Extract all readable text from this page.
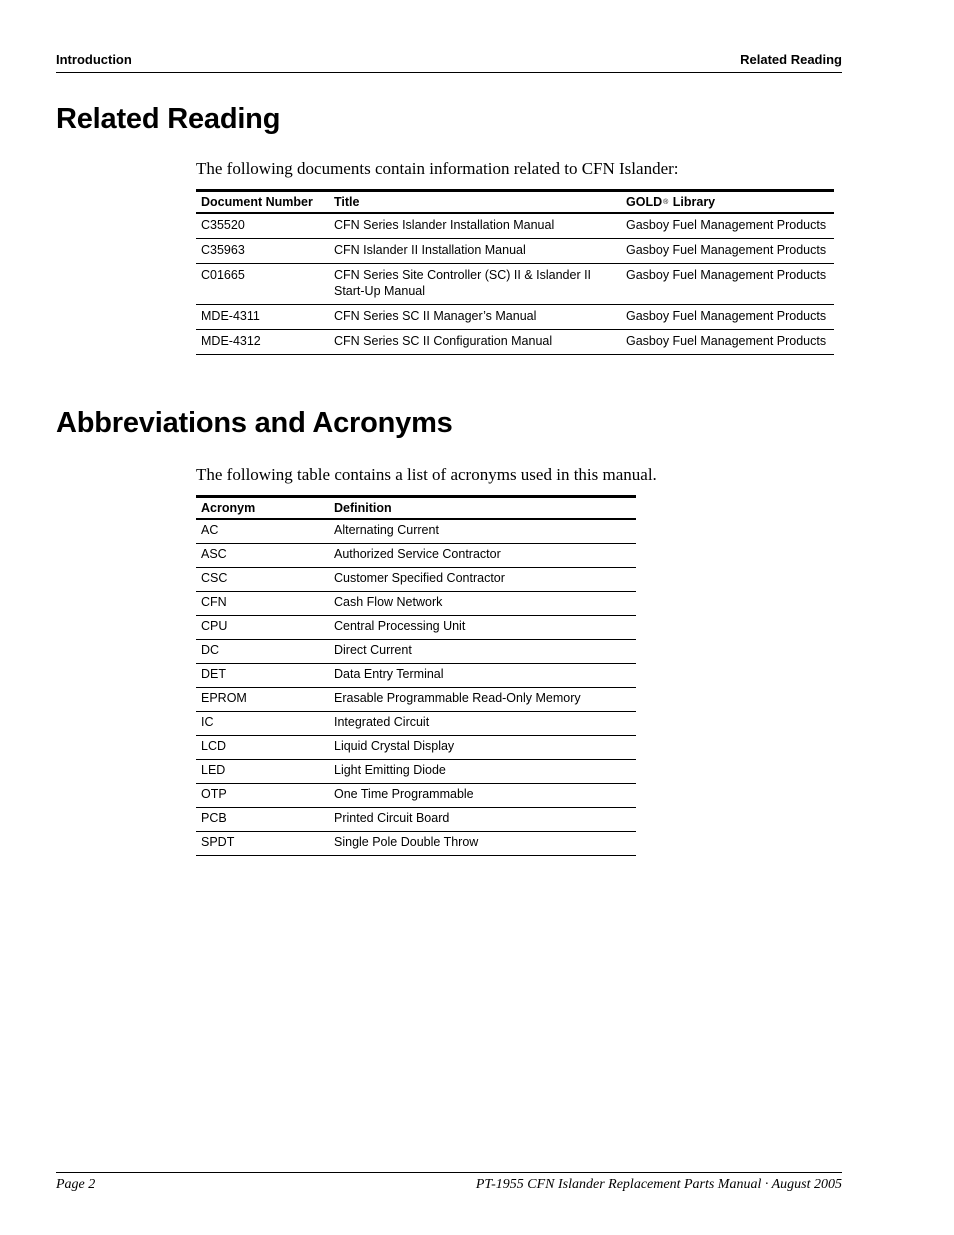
Introduction	Related Reading
Related Reading

The following documents contain information related to CFN Islander:

Document Number	Title	GOLD® Library
C35520	CFN Series Islander Installation Manual	Gasboy Fuel Management Products
C35963	CFN Islander II Installation Manual	Gasboy Fuel Management Products
C01665	CFN Series Site Controller (SC) II & Islander II Start-Up Manual	Gasboy Fuel Management Products
MDE-4311	CFN Series SC II Manager’s Manual	Gasboy Fuel Management Products
MDE-4312	CFN Series SC II Configuration Manual	Gasboy Fuel Management Products
Abbreviations and Acronyms

The following table contains a list of acronyms used in this manual.

Acronym	Definition
AC	Alternating Current
ASC	Authorized Service Contractor
CSC	Customer Specified Contractor
CFN	Cash Flow Network
CPU	Central Processing Unit
DC	Direct Current
DET	Data Entry Terminal
EPROM	Erasable Programmable Read-Only Memory
IC	Integrated Circuit
LCD	Liquid Crystal Display
LED	Light Emitting Diode
OTP	One Time Programmable
PCB	Printed Circuit Board
SPDT	Single Pole Double Throw
Page 2	PT-1955 CFN Islander Replacement Parts Manual · August 2005
